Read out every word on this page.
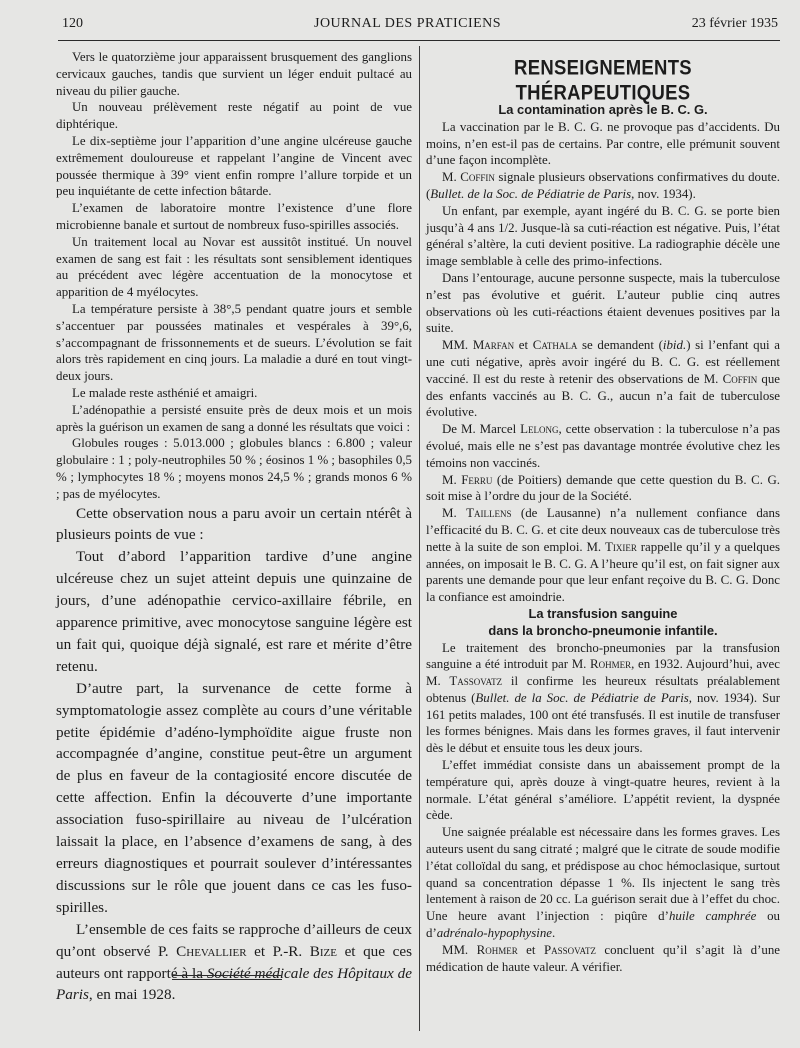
120	JOURNAL DES PRATICIENS	23 février 1935

Vers le quatorzième jour apparaissent brusquement des ganglions cervicaux gauches, tandis que survient un léger enduit pultacé au niveau du pilier gauche.

Un nouveau prélèvement reste négatif au point de vue diphtérique.

Le dix-septième jour l’apparition d’une angine ulcéreuse gauche extrêmement douloureuse et rappelant l’angine de Vincent avec poussée thermique à 39° vient enfin rompre l’allure torpide et un peu inquiétante de cette infection bâtarde.

L’examen de laboratoire montre l’existence d’une flore microbienne banale et surtout de nombreux fuso-spirilles associés.

Un traitement local au Novar est aussitôt institué. Un nouvel examen de sang est fait : les résultats sont sensiblement identiques au précédent avec légère accentuation de la monocytose et apparition de 4 myélocytes.

La température persiste à 38°,5 pendant quatre jours et semble s’accentuer par poussées matinales et vespérales à 39°,6, s’accompagnant de frissonnements et de sueurs. L’évolution se fait alors très rapidement en cinq jours. La maladie a duré en tout vingt-deux jours.

Le malade reste asthénié et amaigri.

L’adénopathie a persisté ensuite près de deux mois et un mois après la guérison un examen de sang a donné les résultats que voici :

Globules rouges : 5.013.000 ; globules blancs : 6.800 ; valeur globulaire : 1 ; poly-neutrophiles 50 % ; éosinos 1 % ; basophiles 0,5 % ; lymphocytes 18 % ; moyens monos 24,5 % ; grands monos 6 % ; pas de myélocytes.

Cette observation nous a paru avoir un certain ntérêt à plusieurs points de vue :

Tout d’abord l’apparition tardive d’une angine ulcéreuse chez un sujet atteint depuis une quinzaine de jours, d’une adénopathie cervico-axillaire fébrile, en apparence primitive, avec monocytose sanguine légère est un fait qui, quoique déjà signalé, est rare et mérite d’être retenu.

D’autre part, la survenance de cette forme à symptomatologie assez complète au cours d’une véritable petite épidémie d’adéno-lymphoïdite aigue fruste non accompagnée d’angine, constitue peut-être un argument de plus en faveur de la contagiosité encore discutée de cette affection. Enfin la découverte d’une importante association fuso-spirillaire au niveau de l’ulcération laissait la place, en l’absence d’examens de sang, à des erreurs diagnostiques et pourrait soulever d’intéressantes discussions sur le rôle que jouent dans ce cas les fuso-spirilles.

L’ensemble de ces faits se rapproche d’ailleurs de ceux qu’ont observé P. Chevallier et P.-R. Bize et que ces auteurs ont rapporté à la Société médicale des Hôpitaux de Paris, en mai 1928.

RENSEIGNEMENTS THÉRAPEUTIQUES
La contamination après le B. C. G.

La vaccination par le B. C. G. ne provoque pas d’accidents. Du moins, n’en est-il pas de certains. Par contre, elle prémunit souvent d’une façon incomplète.

M. Coffin signale plusieurs observations confirmatives du doute. (Bullet. de la Soc. de Pédiatrie de Paris, nov. 1934).

Un enfant, par exemple, ayant ingéré du B. C. G. se porte bien jusqu’à 4 ans 1/2. Jusque-là sa cuti-réaction est négative. Puis, l’état général s’altère, la cuti devient positive. La radiographie décèle une image semblable à celle des primo-infections.

Dans l’entourage, aucune personne suspecte, mais la tuberculose n’est pas évolutive et guérit. L’auteur publie cinq autres observations où les cuti-réactions étaient devenues positives par la suite.

MM. Marfan et Cathala se demandent (ibid.) si l’enfant qui a une cuti négative, après avoir ingéré du B. C. G. est réellement vacciné. Il est du reste à retenir des observations de M. Coffin que des enfants vaccinés au B. C. G., aucun n’a fait de tuberculose évolutive.

De M. Marcel Lelong, cette observation : la tuberculose n’a pas évolué, mais elle ne s’est pas davantage montrée évolutive chez les témoins non vaccinés.

M. Ferru (de Poitiers) demande que cette question du B. C. G. soit mise à l’ordre du jour de la Société.

M. Taillens (de Lausanne) n’a nullement confiance dans l’efficacité du B. C. G. et cite deux nouveaux cas de tuberculose très nette à la suite de son emploi. M. Tixier rappelle qu’il y a quelques années, on imposait le B. C. G. A l’heure qu’il est, on fait signer aux parents une demande pour que leur enfant reçoive du B. C. G. Donc la confiance est amoindrie.

La transfusion sanguine
dans la broncho-pneumonie infantile.

Le traitement des broncho-pneumonies par la transfusion sanguine a été introduit par M. Rohmer, en 1932. Aujourd’hui, avec M. Tassovatz il confirme les heureux résultats préalablement obtenus (Bullet. de la Soc. de Pédiatrie de Paris, nov. 1934). Sur 161 petits malades, 100 ont été transfusés. Il est inutile de transfuser les formes bénignes. Mais dans les formes graves, il faut intervenir dès le début et ensuite tous les deux jours.

L’effet immédiat consiste dans un abaissement prompt de la température qui, après douze à vingt-quatre heures, revient à la normale. L’état général s’améliore. L’appétit revient, la dyspnée cède.

Une saignée préalable est nécessaire dans les formes graves. Les auteurs usent du sang citraté ; malgré que le citrate de soude modifie l’état colloïdal du sang, et prédispose au choc hémoclasique, surtout quand sa concentration dépasse 1 %. Ils injectent le sang très lentement à raison de 20 cc. La guérison serait due à l’effet du choc. Une heure avant l’injection : piqûre d’huile camphrée ou d’adrénalo-hypophysine.

MM. Rohmer et Passovatz concluent qu’il s’agit là d’une médication de haute valeur. A vérifier.
